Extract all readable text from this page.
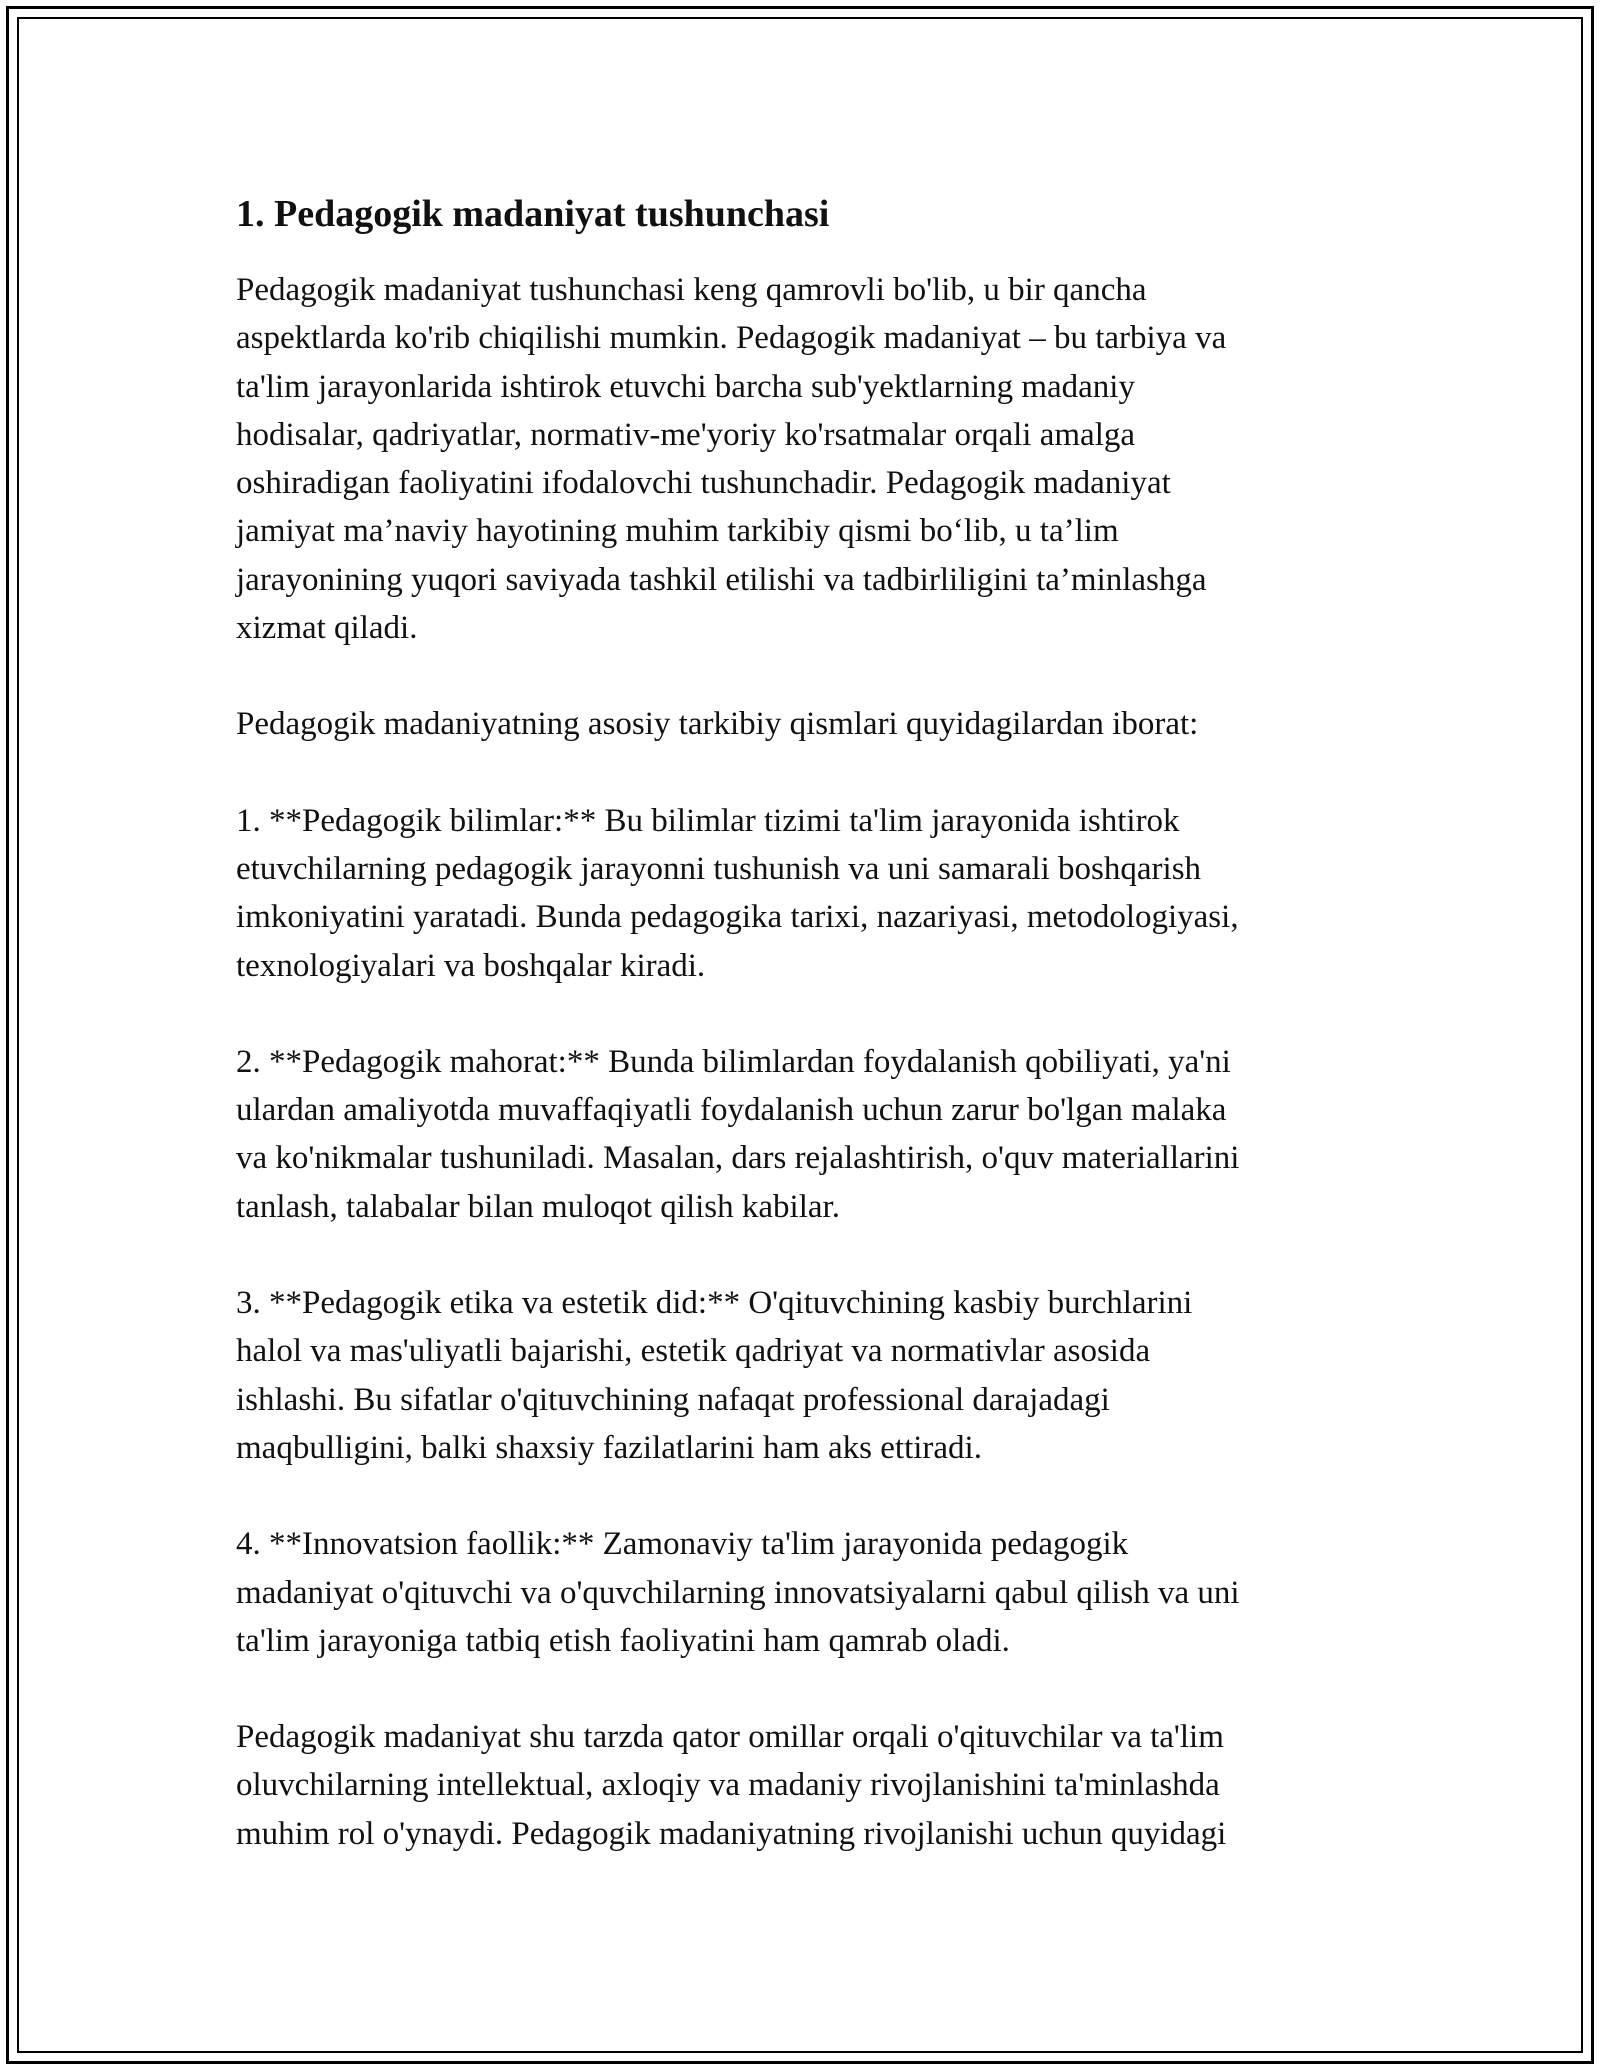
1. Pedagogik madaniyat tushunchasi

Pedagogik madaniyat tushunchasi keng qamrovli bo'lib, u bir qancha
aspektlarda ko'rib chiqilishi mumkin. Pedagogik madaniyat – bu tarbiya va
ta'lim jarayonlarida ishtirok etuvchi barcha sub'yektlarning madaniy
hodisalar, qadriyatlar, normativ-me'yoriy ko'rsatmalar orqali amalga
oshiradigan faoliyatini ifodalovchi tushunchadir. Pedagogik madaniyat
jamiyat ma’naviy hayotining muhim tarkibiy qismi bo‘lib, u ta’lim
jarayonining yuqori saviyada tashkil etilishi va tadbirliligini ta’minlashga
xizmat qiladi.

Pedagogik madaniyatning asosiy tarkibiy qismlari quyidagilardan iborat:

1. **Pedagogik bilimlar:** Bu bilimlar tizimi ta'lim jarayonida ishtirok
etuvchilarning pedagogik jarayonni tushunish va uni samarali boshqarish
imkoniyatini yaratadi. Bunda pedagogika tarixi, nazariyasi, metodologiyasi,
texnologiyalari va boshqalar kiradi.

2. **Pedagogik mahorat:** Bunda bilimlardan foydalanish qobiliyati, ya'ni
ulardan amaliyotda muvaffaqiyatli foydalanish uchun zarur bo'lgan malaka
va ko'nikmalar tushuniladi. Masalan, dars rejalashtirish, o'quv materiallarini
tanlash, talabalar bilan muloqot qilish kabilar.

3. **Pedagogik etika va estetik did:** O'qituvchining kasbiy burchlarini
halol va mas'uliyatli bajarishi, estetik qadriyat va normativlar asosida
ishlashi. Bu sifatlar o'qituvchining nafaqat professional darajadagi
maqbulligini, balki shaxsiy fazilatlarini ham aks ettiradi.

4. **Innovatsion faollik:** Zamonaviy ta'lim jarayonida pedagogik
madaniyat o'qituvchi va o'quvchilarning innovatsiyalarni qabul qilish va uni
ta'lim jarayoniga tatbiq etish faoliyatini ham qamrab oladi.

Pedagogik madaniyat shu tarzda qator omillar orqali o'qituvchilar va ta'lim
oluvchilarning intellektual, axloqiy va madaniy rivojlanishini ta'minlashda
muhim rol o'ynaydi. Pedagogik madaniyatning rivojlanishi uchun quyidagi
